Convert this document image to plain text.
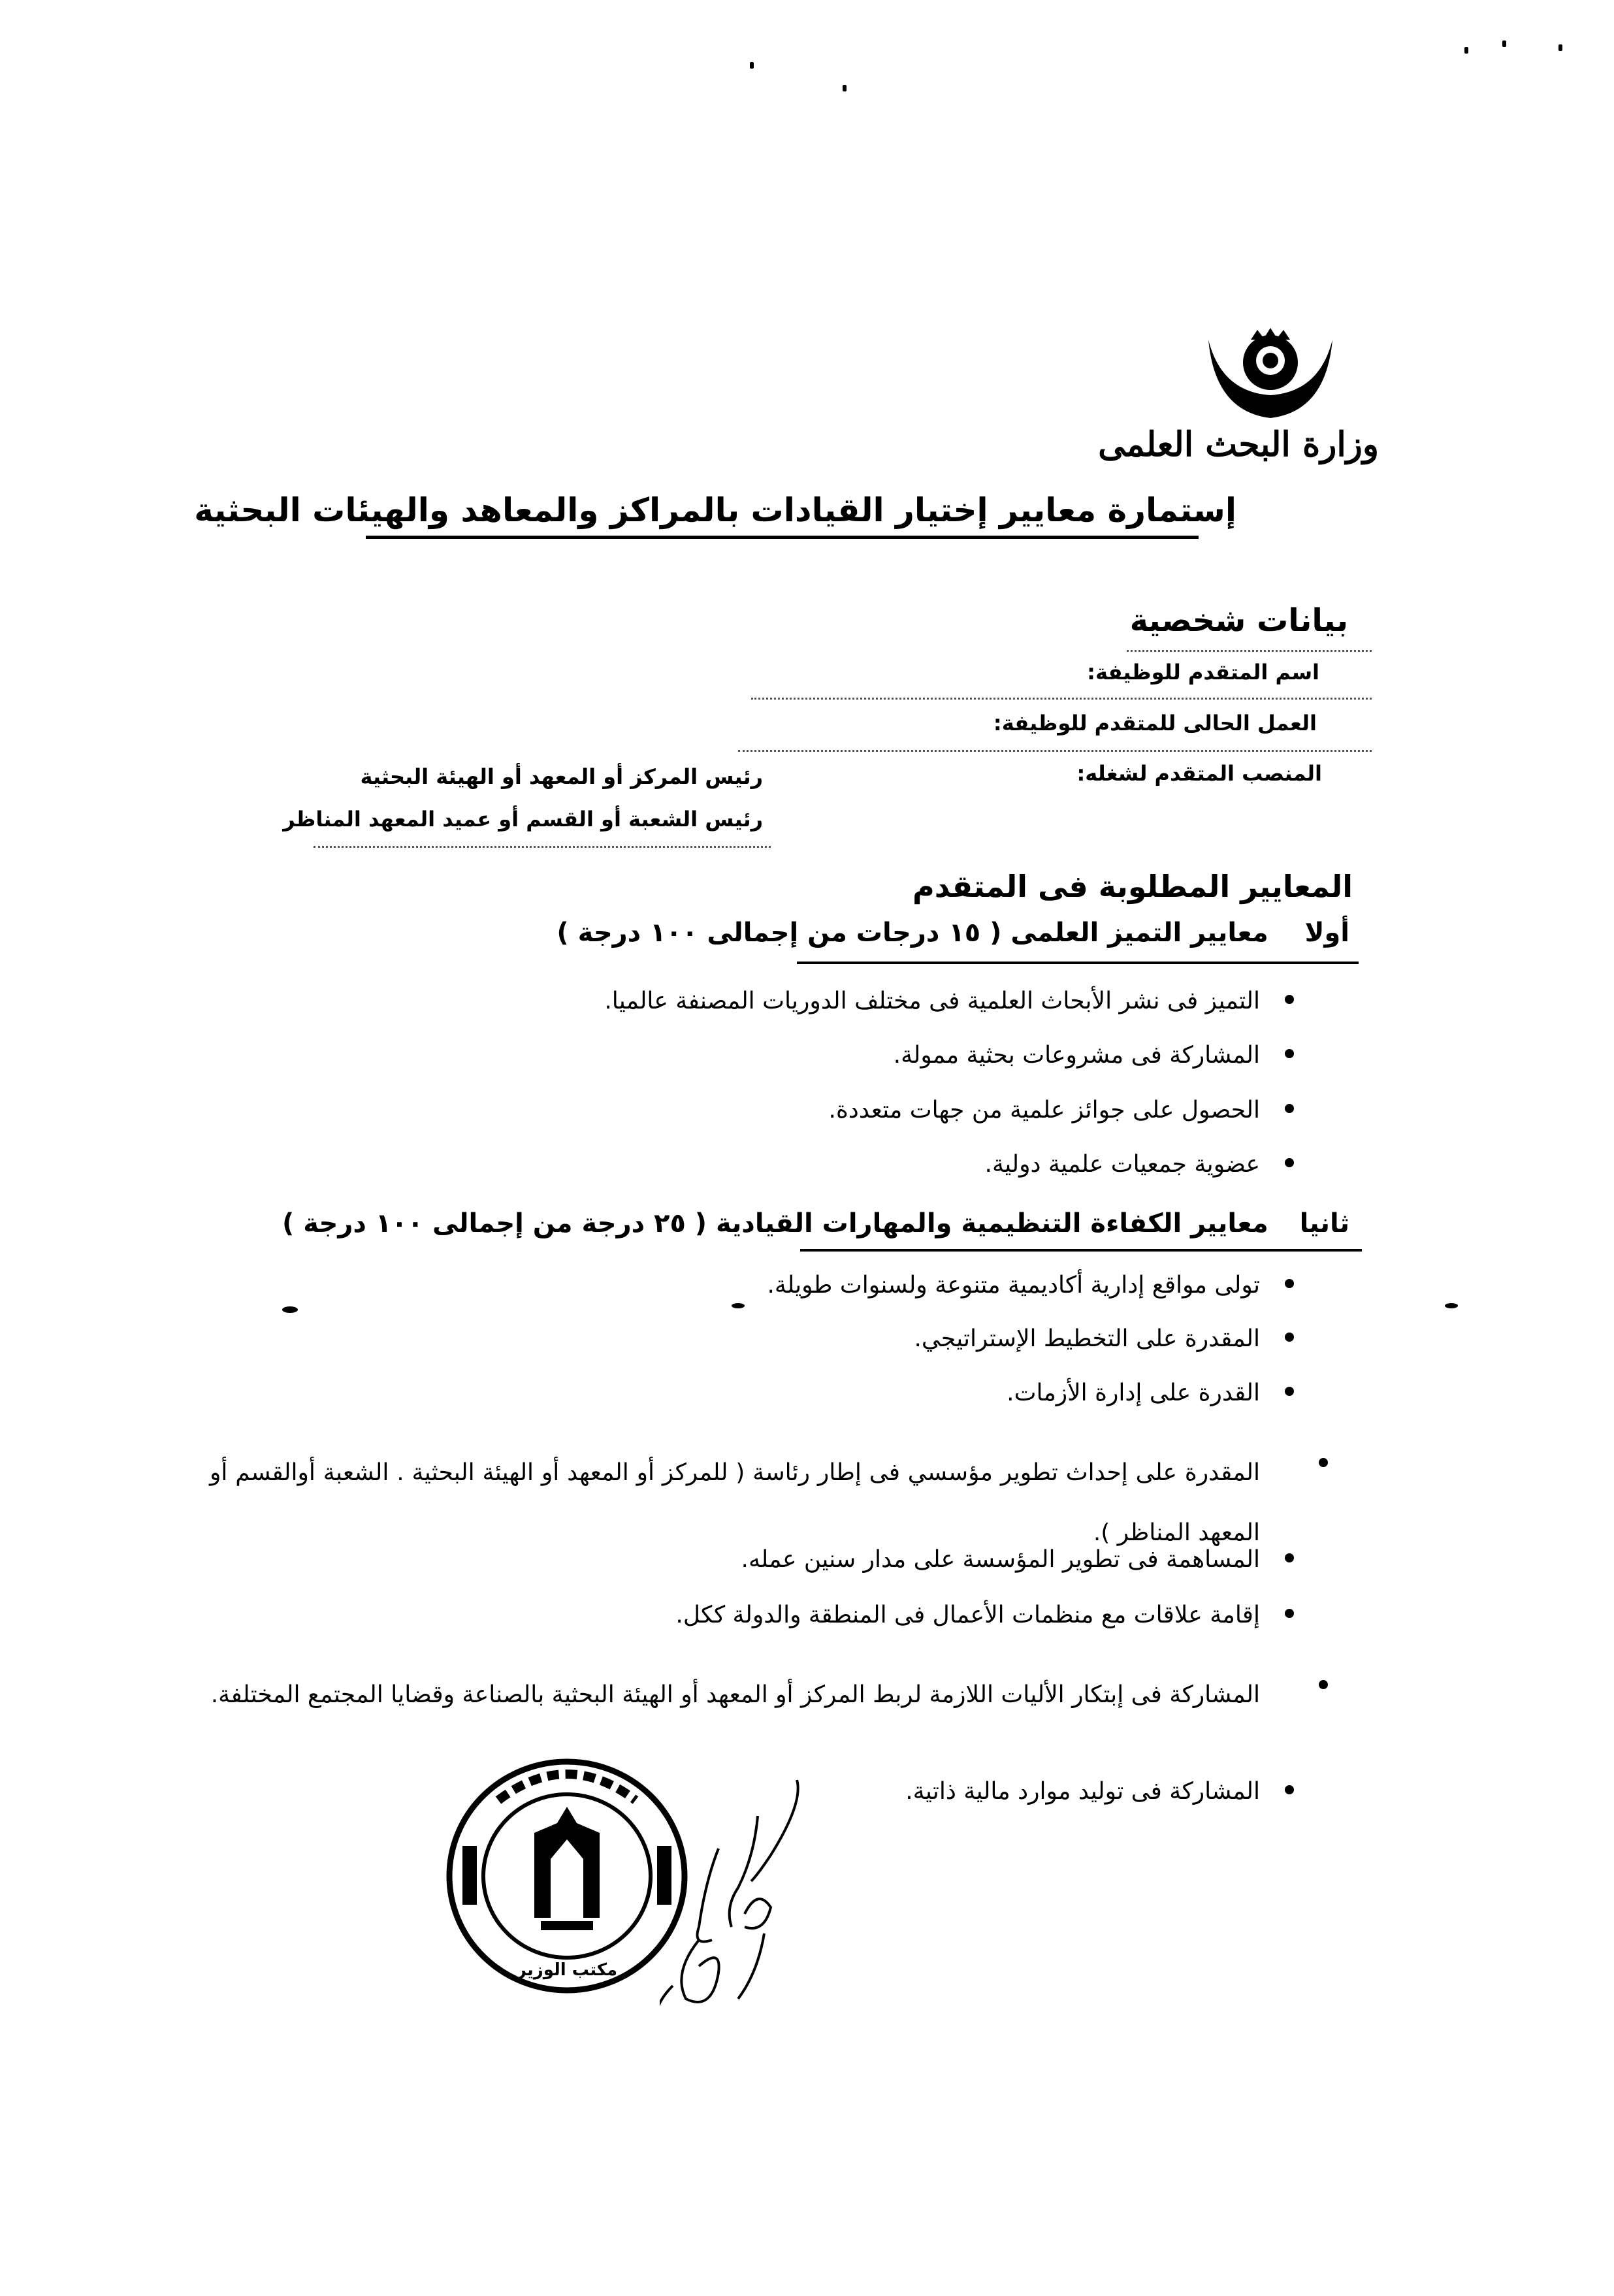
وزارة البحث العلمى
إستمارة معايير إختيار القيادات بالمراكز والمعاهد والهيئات البحثية
بيانات شخصية
اسم المتقدم للوظيفة:
العمل الحالى للمتقدم للوظيفة:
المنصب المتقدم لشغله:
رئيس المركز أو المعهد أو الهيئة البحثية
رئيس الشعبة أو القسم أو عميد المعهد المناظر
المعايير المطلوبة فى المتقدم
أولا  معايير التميز العلمى ( ١٥ درجات من إجمالى ١٠٠ درجة )
التميز فى نشر الأبحاث العلمية فى مختلف الدوريات المصنفة عالميا.
المشاركة فى مشروعات بحثية ممولة.
الحصول على جوائز علمية من جهات متعددة.
عضوية جمعيات علمية دولية.
ثانيا  معايير الكفاءة التنظيمية والمهارات القيادية ( ٢٥ درجة من إجمالى ١٠٠ درجة )
تولى مواقع إدارية أكاديمية متنوعة ولسنوات طويلة.
المقدرة على التخطيط الإستراتيجي.
القدرة على إدارة الأزمات.
المقدرة على إحداث تطوير مؤسسي فى إطار رئاسة ( للمركز أو المعهد أو الهيئة البحثية . الشعبة أوالقسم أو المعهد المناظر ).
المساهمة فى تطوير المؤسسة على مدار سنين عمله.
إقامة علاقات مع منظمات الأعمال فى المنطقة والدولة ككل.
المشاركة فى إبتكار الأليات اللازمة لربط المركز أو المعهد أو الهيئة البحثية بالصناعة وقضايا المجتمع المختلفة.
المشاركة فى توليد موارد مالية ذاتية.
مكتب الوزير
